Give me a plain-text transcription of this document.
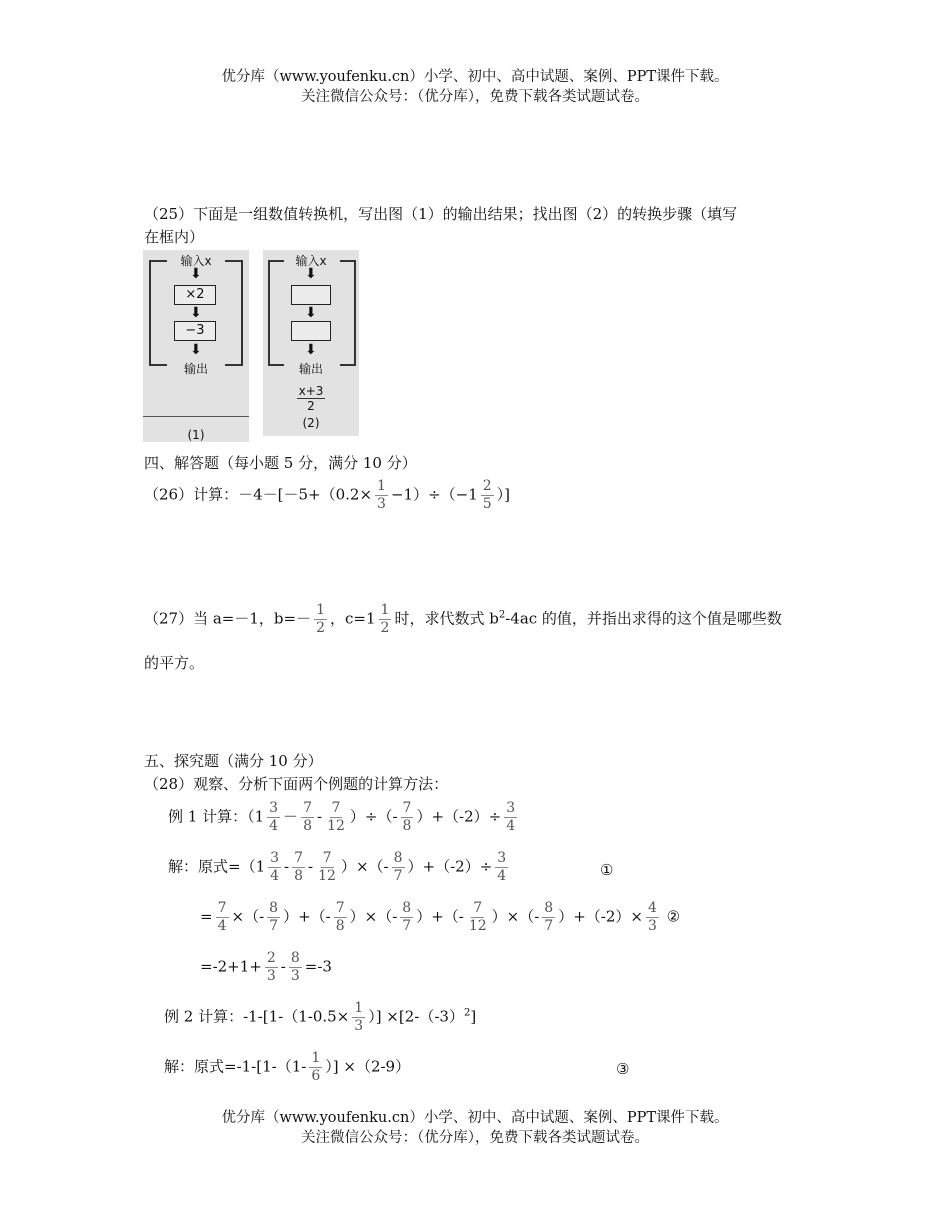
优分库（www.youfenku.cn）小学、初中、高中试题、案例、PPT课件下载。
关注微信公众号：（优分库），免费下载各类试题试卷。
（25）下面是一组数值转换机，写出图（1）的输出结果；找出图（2）的转换步骤（填写
在框内）
输入x
⬇
×2
⬇
−3
⬇
输出
(1)
输入x
⬇
⬇
⬇
输出
$\frac{x+3}{2}$
(2)
四、解答题（每小题 5 分，满分 10 分）
（26）计算：$-4-[-5+(0.2\times \frac{1}{3} -1)\div(-1 \frac{2}{5}$ ）]
（27）当 a=－1，$b=- \frac{1}{2}$ ，$c=1 \frac{1}{2}$ 时，求代数式 $b^2-4ac$ 的值，并指出求得的这个值是哪些数
的平方。
五、探究题（满分 10 分）
（28）观察、分析下面两个例题的计算方法：
例 1 计算：（$1 \frac{3}{4} - \frac{7}{8} - \frac{7}{12}$ ）÷（- $\frac{7}{8} )+(-2)\div \frac{3}{4}$
解：原式$=(1 \frac{3}{4} - \frac{7}{8} - \frac{7}{12}$ ）×（- $\frac{8}{7} )+(-2)\div \frac{3}{4}$	①
= $\frac{7}{4}$ ×（- $\frac{8}{7}$ ）+（- $\frac{7}{8}$ ）×（- $\frac{8}{7}$ ）+（- $\frac{7}{12}$ ）×（- $\frac{8}{7} )+(-2)\times \frac{4}{3}$ ②
$=-2+1+ \frac{2}{3} - \frac{8}{3} =-3$
例 2 计算：$-1-[1-(1-0.5\times \frac{1}{3}$ ）] $\times[2-(-3)^2]$
解：原式$=-1-[1-(1- \frac{1}{6}$ ）] ×（2-9）	③
优分库（www.youfenku.cn）小学、初中、高中试题、案例、PPT课件下载。
关注微信公众号：（优分库），免费下载各类试题试卷。
